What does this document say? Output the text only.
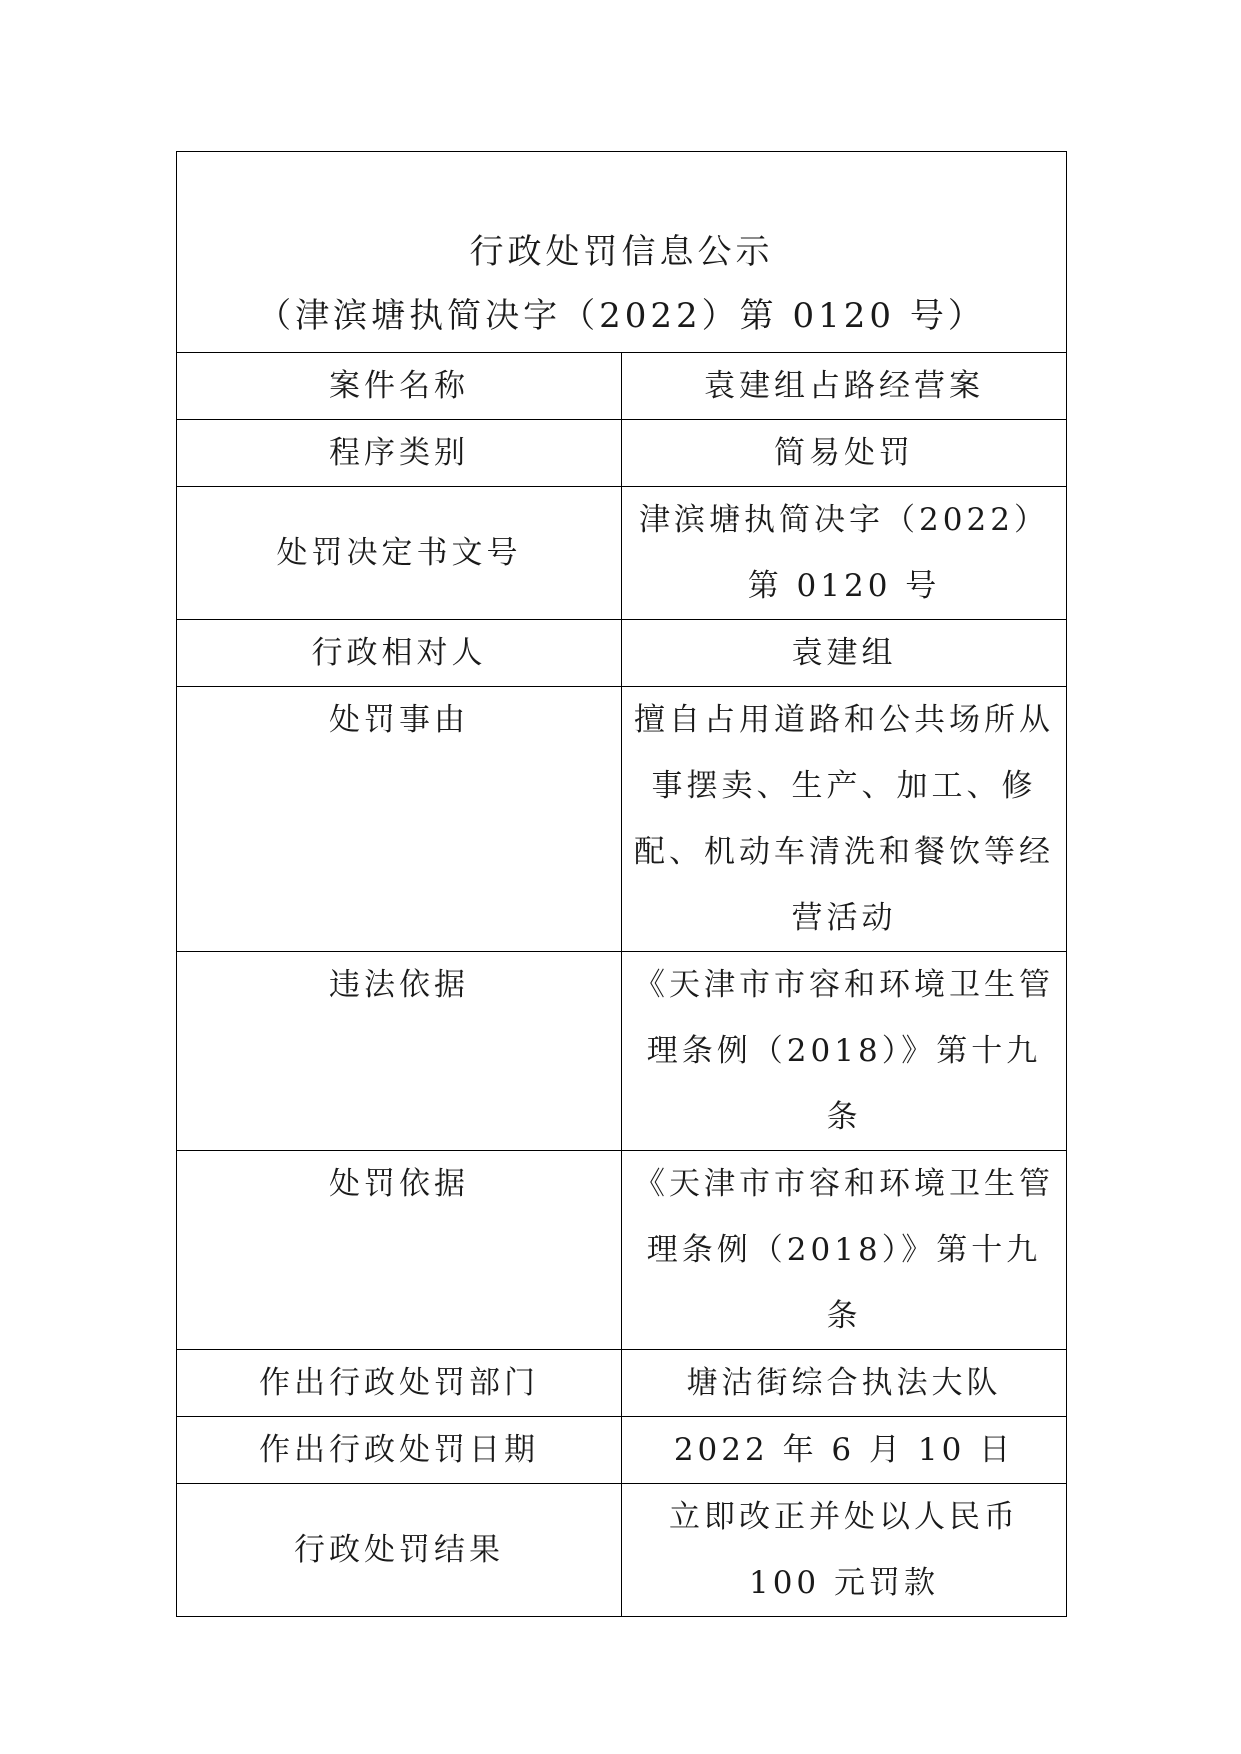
行政处罚信息公示
（津滨塘执简决字（2022）第 0120 号）	

案件名称	袁建组占路经营案
程序类别	简易处罚
处罚决定书文号	津滨塘执简决字（2022）第 0120 号
行政相对人	袁建组
处罚事由	擅自占用道路和公共场所从事摆卖、生产、加工、修配、机动车清洗和餐饮等经营活动
违法依据	《天津市市容和环境卫生管理条例（2018）》第十九条
处罚依据	《天津市市容和环境卫生管理条例（2018）》第十九条
作出行政处罚部门	塘沽街综合执法大队
作出行政处罚日期	2022 年 6 月 10 日
行政处罚结果	立即改正并处以人民币 100 元罚款
